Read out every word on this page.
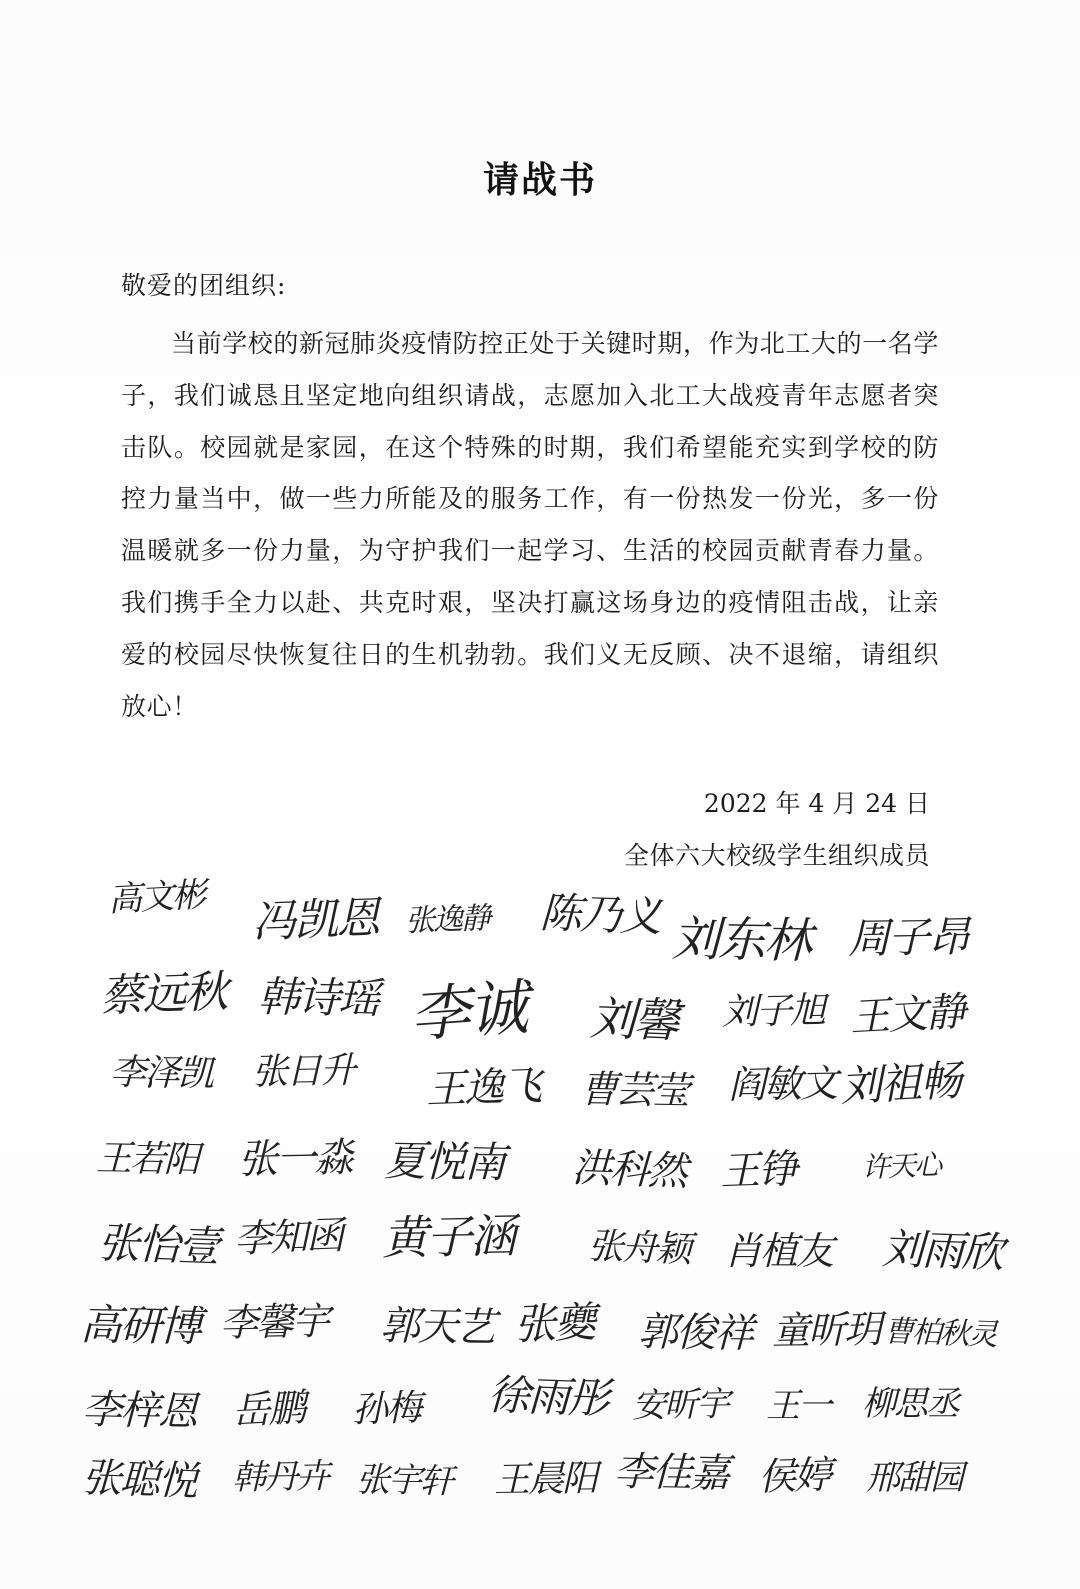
请战书
敬爱的团组织:
当前学校的新冠肺炎疫情防控正处于关键时期，作为北工大的一名学子，我们诚恳且坚定地向组织请战，志愿加入北工大战疫青年志愿者突击队。校园就是家园，在这个特殊的时期，我们希望能充实到学校的防控力量当中，做一些力所能及的服务工作，有一份热发一份光，多一份温暖就多一份力量，为守护我们一起学习、生活的校园贡献青春力量。我们携手全力以赴、共克时艰，坚决打赢这场身边的疫情阻击战，让亲爱的校园尽快恢复往日的生机勃勃。我们义无反顾、决不退缩，请组织放心！
2022 年 4 月 24 日
全体六大校级学生组织成员
高文彬 冯凯恩 张逸静 陈乃义 刘东林 周子昂
蔡远秋 韩诗瑶 李诚 刘馨 刘子旭 王文静
李泽凯 张日升 王逸飞 曹芸莹 阎敏文 刘祖畅
王若阳 张一淼 夏悦南 洪科然 王铮 许天心
张怡壹 李知函 黄子涵 张舟颖 肖植友 刘雨欣
高研博 李馨宇 郭天艺 张夔 郭俊祥 童昕玥 曹柏秋灵
李梓恩 岳鹏 孙梅 徐雨彤 安昕宇 王一 柳思丞
张聪悦 韩丹卉 张宇轩 王晨阳 李佳嘉 侯婷 邢甜园
